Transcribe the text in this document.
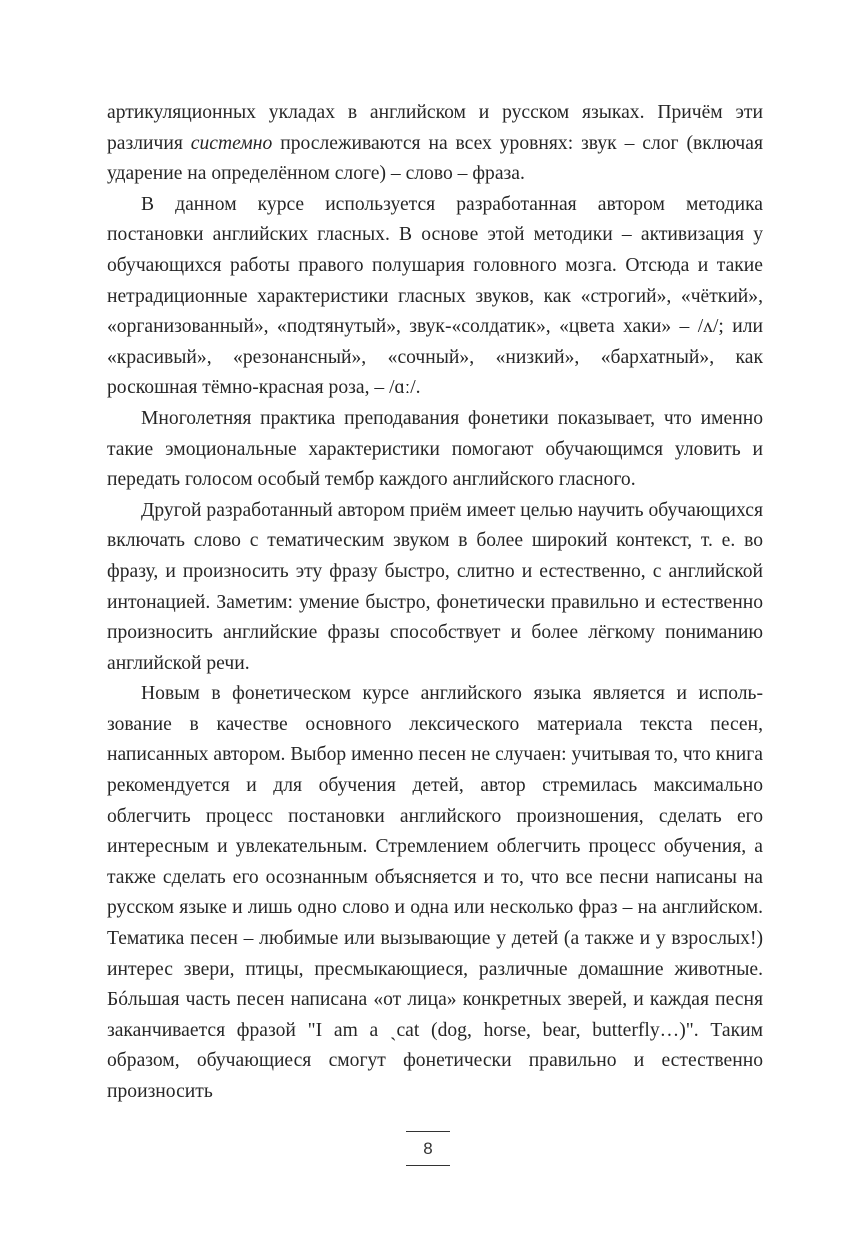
артикуляционных укладах в английском и русском языках. Причём эти различия системно прослеживаются на всех уровнях: звук – слог (включая ударение на определённом слоге) – слово – фраза.

В данном курсе используется разработанная автором методика постановки английских гласных. В основе этой методики – активизация у обучающихся работы правого полушария головного мозга. Отсюда и такие нетрадиционные характеристики гласных звуков, как «строгий», «чёткий», «организованный», «подтянутый», звук-«солдатик», «цвета хаки» – /ʌ/; или «красивый», «резонансный», «сочный», «низкий», «бархатный», как роскошная тёмно-красная роза, – /ɑː/.

Многолетняя практика преподавания фонетики показывает, что именно такие эмоциональные характеристики помогают обучающимся уловить и передать голосом особый тембр каждого английского гласного.

Другой разработанный автором приём имеет целью научить обучающихся включать слово с тематическим звуком в более широкий контекст, т. е. во фразу, и произносить эту фразу быстро, слитно и естественно, с английской интонацией. Заметим: умение быстро, фонетически правильно и естественно произносить английские фразы способствует и более лёгкому пониманию английской речи.

Новым в фонетическом курсе английского языка является и использование в качестве основного лексического материала текста песен, написанных автором. Выбор именно песен не случаен: учитывая то, что книга рекомендуется и для обучения детей, автор стремилась максимально облегчить процесс постановки английского произношения, сделать его интересным и увлекательным. Стремлением облегчить процесс обучения, а также сделать его осознанным объясняется и то, что все песни написаны на русском языке и лишь одно слово и одна или несколько фраз – на английском. Тематика песен – любимые или вызывающие у детей (а также и у взрослых!) интерес звери, птицы, пресмыкающиеся, различные домашние животные. Бóльшая часть песен написана «от лица» конкретных зверей, и каждая песня заканчивается фразой "I am a ˎcat (dog, horse, bear, butterfly…)". Таким образом, обучающиеся смогут фонетически правильно и естественно произносить

8
